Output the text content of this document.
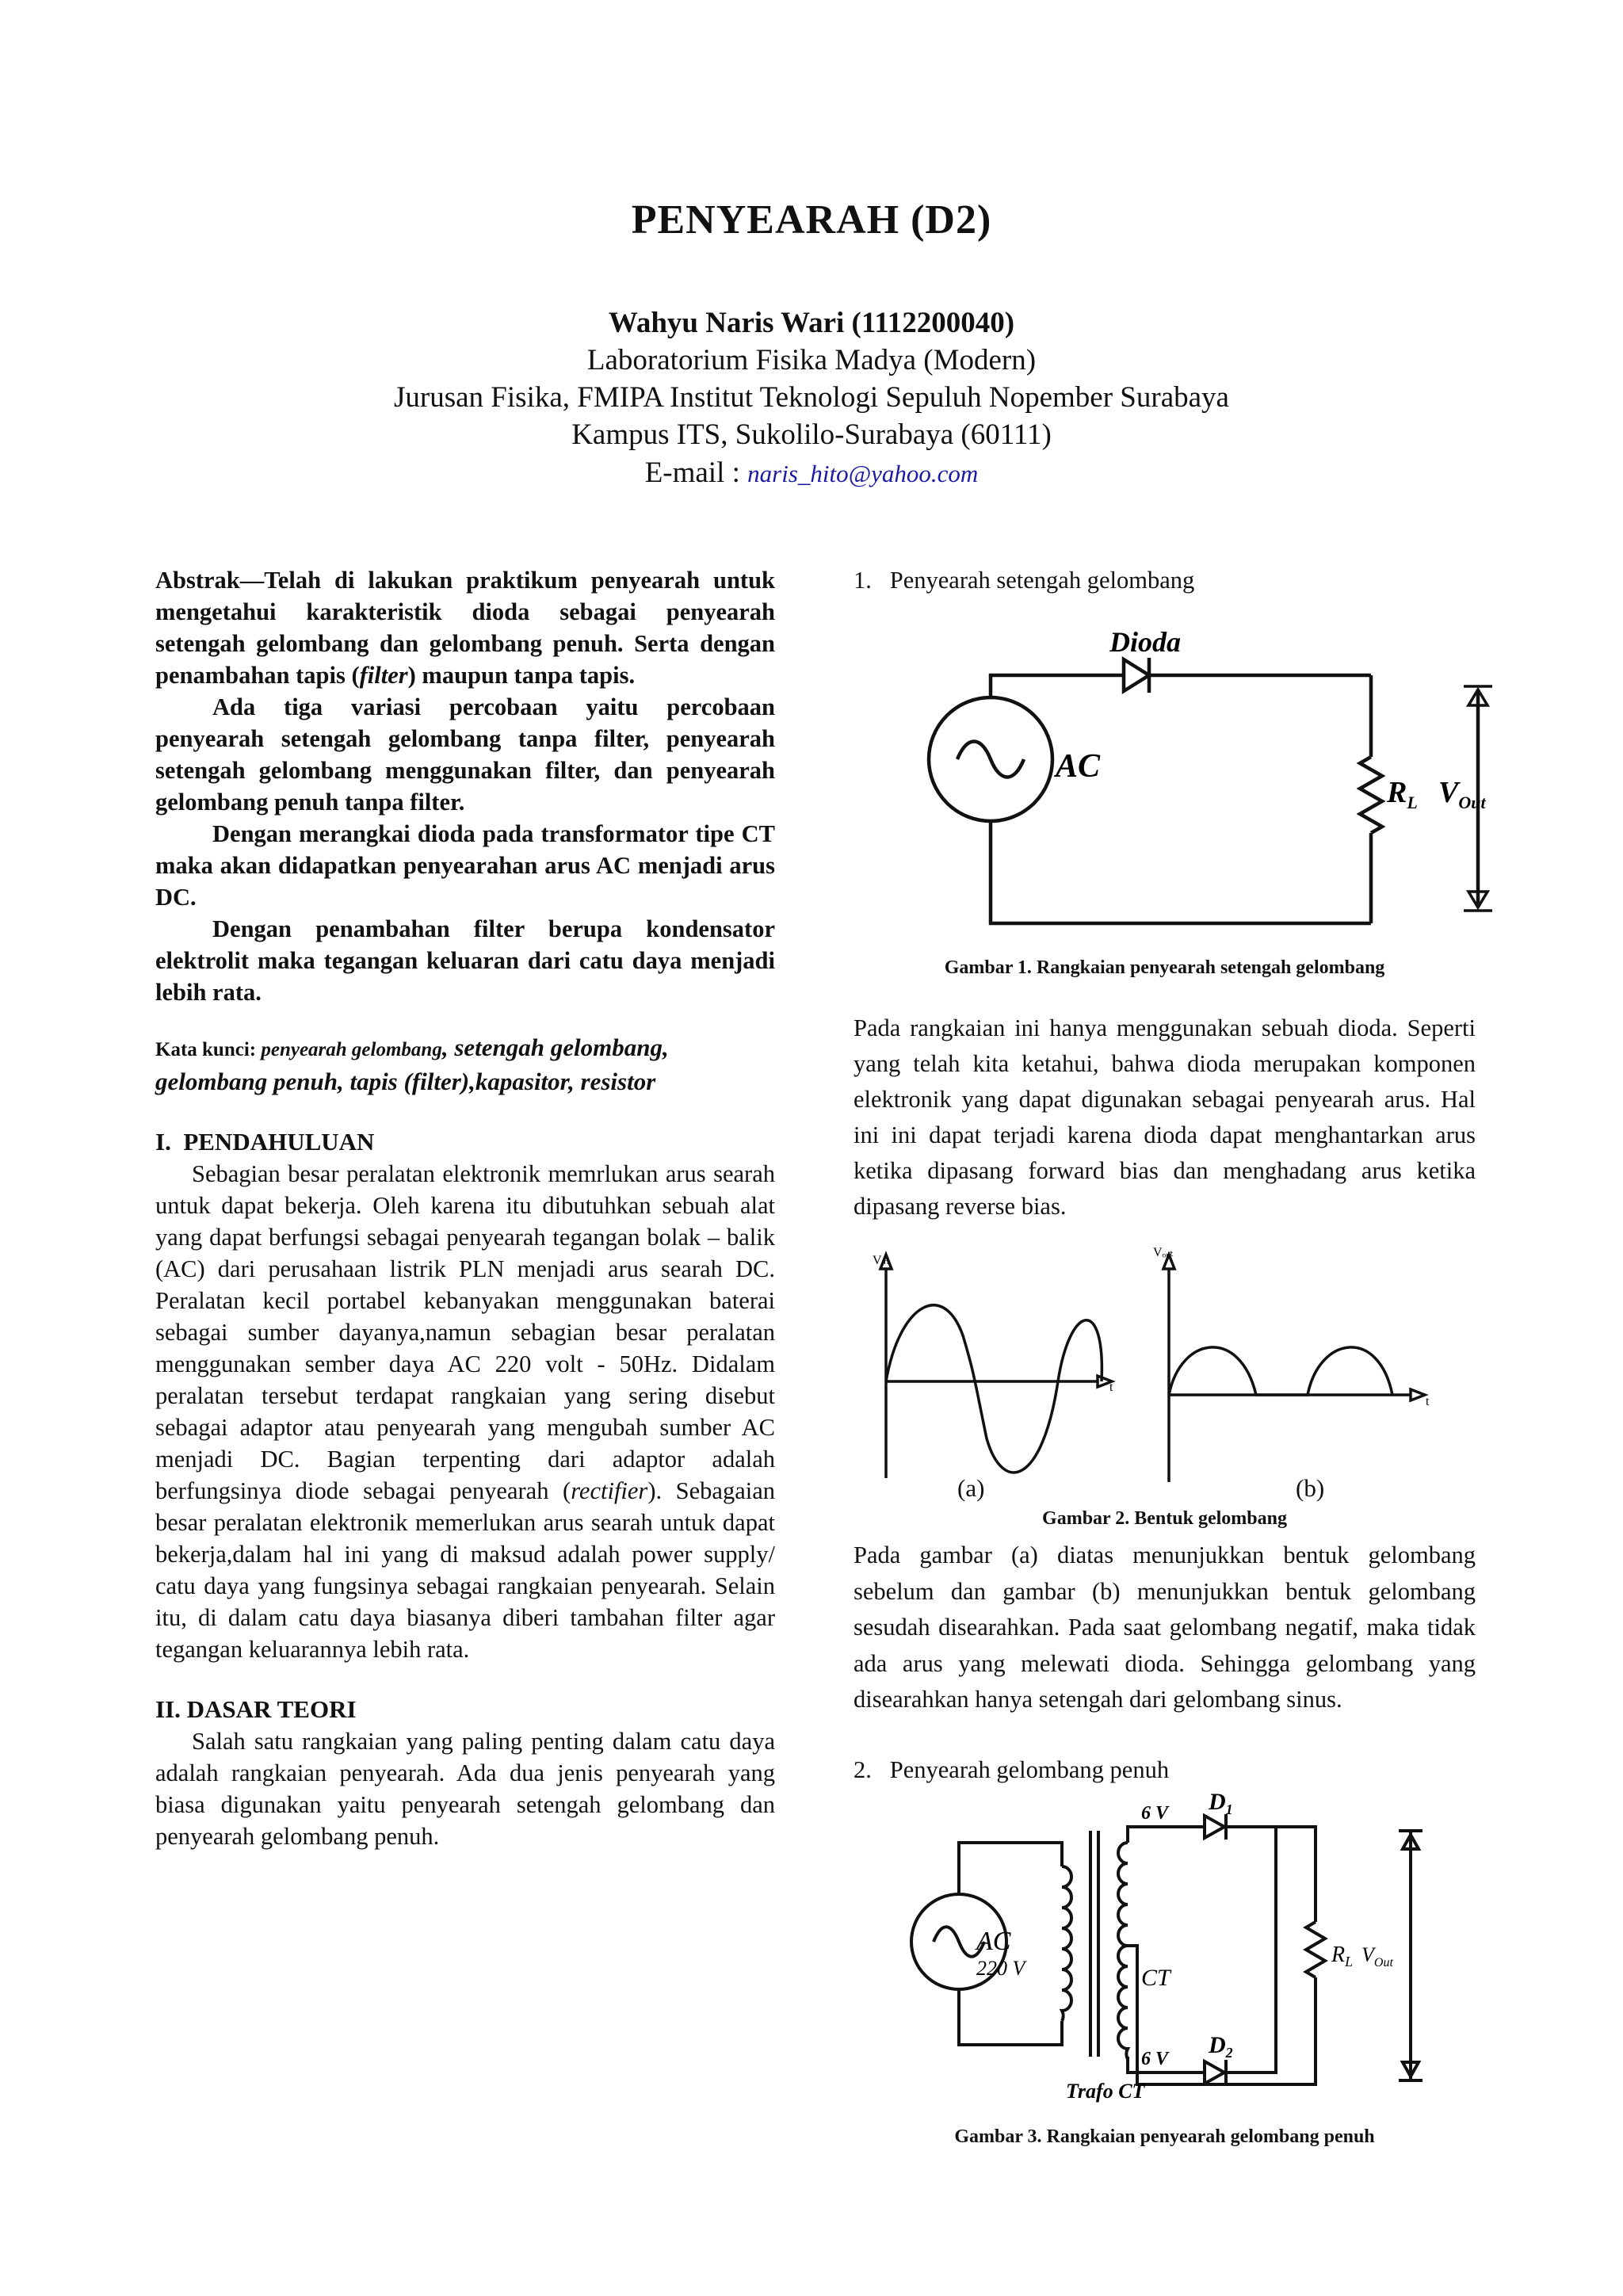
PENYEARAH (D2)
Wahyu Naris Wari (1112200040)
Laboratorium Fisika Madya (Modern)
Jurusan Fisika, FMIPA Institut Teknologi Sepuluh Nopember Surabaya
Kampus ITS, Sukolilo-Surabaya (60111)
E-mail : naris_hito@yahoo.com

Abstrak—Telah di lakukan praktikum penyearah untuk mengetahui karakteristik dioda sebagai penyearah setengah gelombang dan gelombang penuh. Serta dengan penambahan tapis (filter) maupun tanpa tapis.

Ada tiga variasi percobaan yaitu percobaan penyearah setengah gelombang tanpa filter, penyearah setengah gelombang menggunakan filter, dan penyearah gelombang penuh tanpa filter.

Dengan merangkai dioda pada transformator tipe CT maka akan didapatkan penyearahan arus AC menjadi arus DC.

Dengan penambahan filter berupa kondensator elektrolit maka tegangan keluaran dari catu daya menjadi lebih rata.

Kata kunci: penyearah gelombang, setengah gelombang, gelombang penuh, tapis (filter),kapasitor, resistor

I.  PENDAHULUAN

Sebagian besar peralatan elektronik memrlukan arus searah untuk dapat bekerja. Oleh karena itu dibutuhkan sebuah alat yang dapat berfungsi sebagai penyearah tegangan bolak – balik (AC) dari perusahaan listrik PLN menjadi arus searah DC. Peralatan kecil portabel kebanyakan menggunakan baterai sebagai sumber dayanya,namun sebagian besar peralatan menggunakan sember daya AC 220 volt - 50Hz. Didalam peralatan tersebut terdapat rangkaian yang sering disebut sebagai adaptor atau penyearah yang mengubah sumber AC menjadi DC. Bagian terpenting dari adaptor adalah berfungsinya diode sebagai penyearah (rectifier). Sebagaian besar peralatan elektronik memerlukan arus searah untuk dapat bekerja,dalam hal ini yang di maksud adalah power supply/ catu daya yang fungsinya sebagai rangkaian penyearah. Selain itu, di dalam catu daya biasanya diberi tambahan filter agar tegangan keluarannya lebih rata.

II. DASAR TEORI

Salah satu rangkaian yang paling penting dalam catu daya adalah rangkaian penyearah. Ada dua jenis penyearah yang biasa digunakan yaitu penyearah setengah gelombang dan penyearah gelombang penuh.

1.   Penyearah setengah gelombang
Dioda
AC
$R_L$ $V_{Out}$
Gambar 1. Rangkaian penyearah setengah gelombang
Pada rangkaian ini hanya menggunakan sebuah dioda. Seperti yang telah kita ketahui, bahwa dioda merupakan komponen elektronik yang dapat digunakan sebagai penyearah arus. Hal ini ini dapat terjadi karena dioda dapat menghantarkan arus ketika dipasang forward bias dan menghadang arus ketika dipasang reverse bias.
Vᵢₙ
Vₒᵤₜ
t
t
(a)	(b)
Gambar 2. Bentuk gelombang
Pada gambar (a) diatas menunjukkan bentuk gelombang sebelum dan gambar (b) menunjukkan bentuk gelombang sesudah disearahkan. Pada saat gelombang negatif, maka tidak ada arus yang melewati dioda. Sehingga gelombang yang disearahkan hanya setengah dari gelombang sinus.
2.   Penyearah gelombang penuh
AC
220 V
6 V
6 V
CT
$D_1$
$D_2$
$R_L$ $V_{Out}$
Trafo CT
Gambar 3. Rangkaian penyearah gelombang penuh
